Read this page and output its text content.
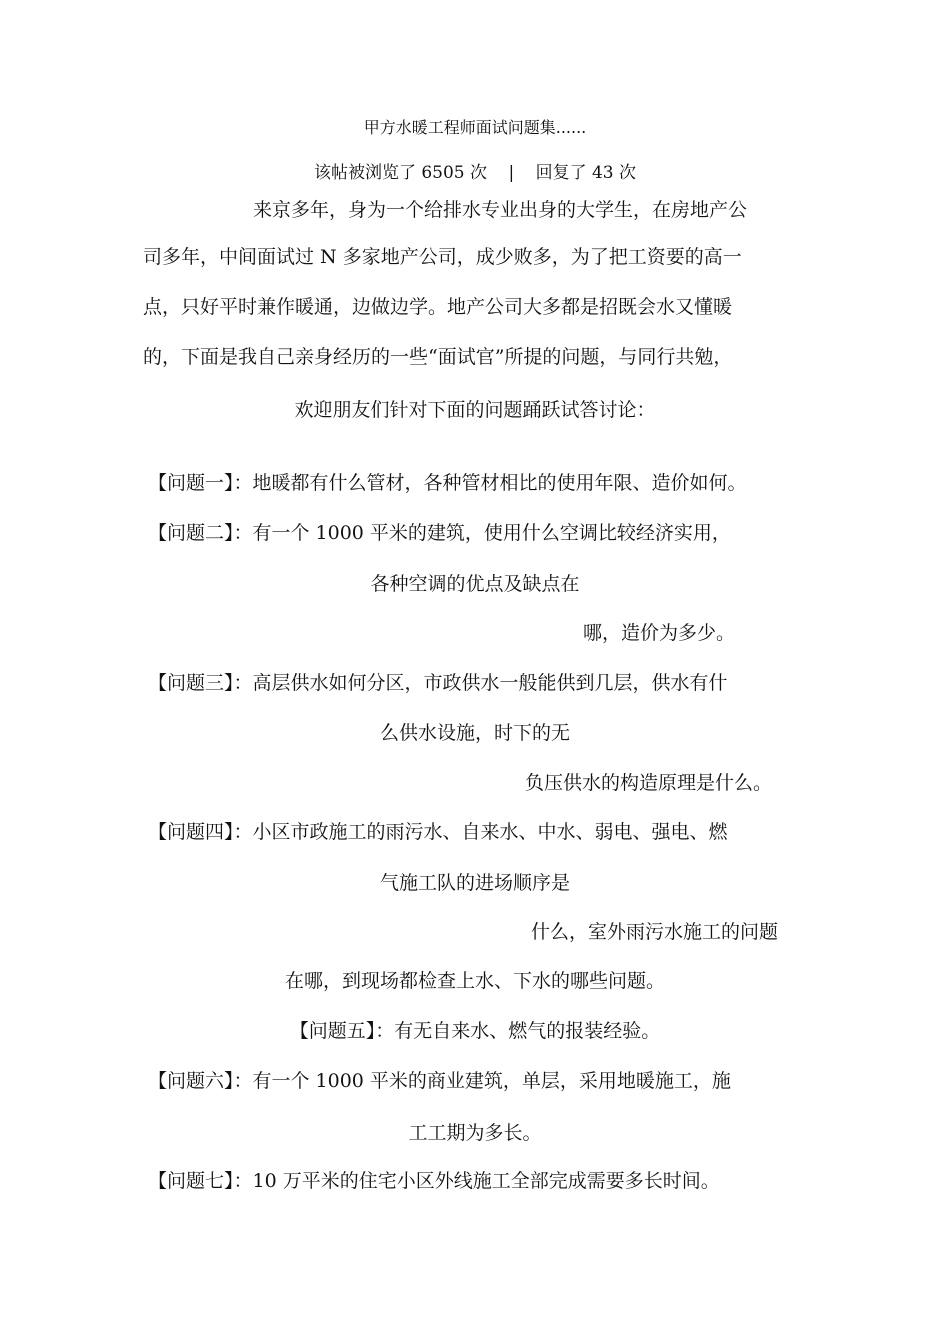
甲方水暖工程师面试问题集......
该帖被浏览了 6505 次 | 回复了 43 次
来京多年，身为一个给排水专业出身的大学生，在房地产公
司多年，中间面试过 N 多家地产公司，成少败多，为了把工资要的高一
点，只好平时兼作暖通，边做边学。地产公司大多都是招既会水又懂暖
的，下面是我自己亲身经历的一些“面试官”所提的问题，与同行共勉，
欢迎朋友们针对下面的问题踊跃试答讨论：
【问题一】：地暖都有什么管材，各种管材相比的使用年限、造价如何。
【问题二】：有一个 1000 平米的建筑，使用什么空调比较经济实用，
各种空调的优点及缺点在
哪，造价为多少。
【问题三】：高层供水如何分区，市政供水一般能供到几层，供水有什
么供水设施，时下的无
负压供水的构造原理是什么。
【问题四】：小区市政施工的雨污水、自来水、中水、弱电、强电、燃
气施工队的进场顺序是
什么，室外雨污水施工的问题
在哪，到现场都检查上水、下水的哪些问题。
【问题五】：有无自来水、燃气的报装经验。
【问题六】：有一个 1000 平米的商业建筑，单层，采用地暖施工，施
工工期为多长。
【问题七】：10 万平米的住宅小区外线施工全部完成需要多长时间。
